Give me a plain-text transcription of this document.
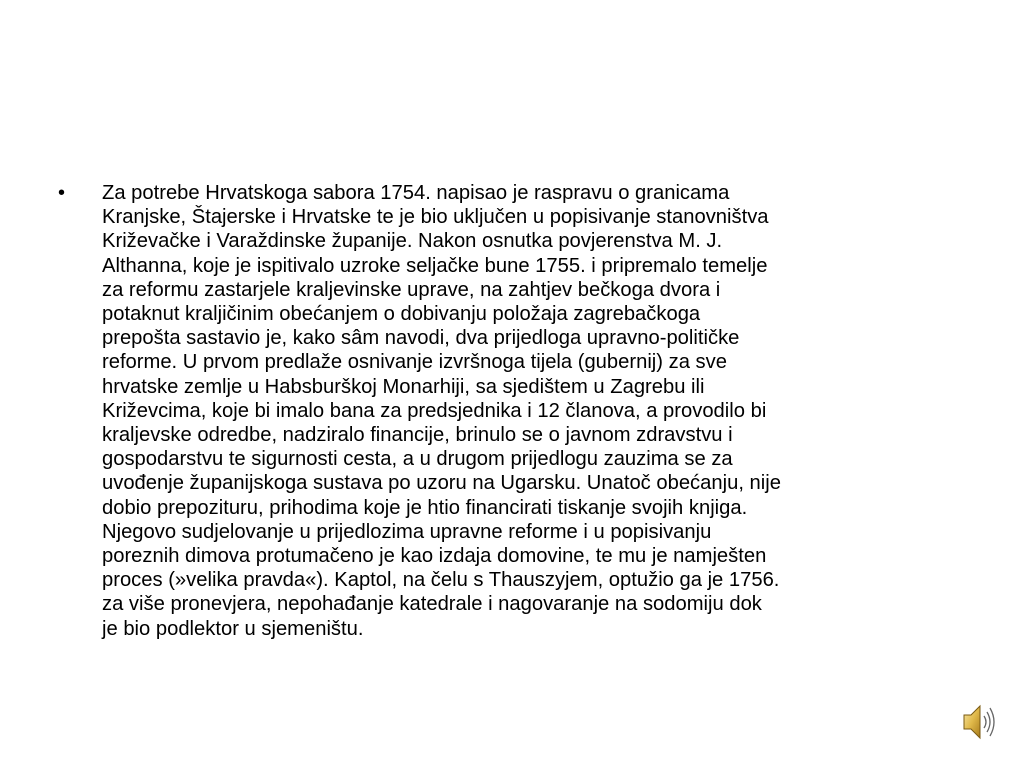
•	Za potrebe Hrvatskoga sabora 1754. napisao je raspravu o granicama
Kranjske, Štajerske i Hrvatske te je bio uključen u popisivanje stanovništva
Križevačke i Varaždinske županije. Nakon osnutka povjerenstva M. J.
Althanna, koje je ispitivalo uzroke seljačke bune 1755. i pripremalo temelje
za reformu zastarjele kraljevinske uprave, na zahtjev bečkoga dvora i
potaknut kraljičinim obećanjem o dobivanju položaja zagrebačkoga
prepošta sastavio je, kako sâm navodi, dva prijedloga upravno-političke
reforme. U prvom predlaže osnivanje izvršnoga tijela (gubernij) za sve
hrvatske zemlje u Habsburškoj Monarhiji, sa sjedištem u Zagrebu ili
Križevcima, koje bi imalo bana za predsjednika i 12 članova, a provodilo bi
kraljevske odredbe, nadziralo financije, brinulo se o javnom zdravstvu i
gospodarstvu te sigurnosti cesta, a u drugom prijedlogu zauzima se za
uvođenje županijskoga sustava po uzoru na Ugarsku. Unatoč obećanju, nije
dobio prepozituru, prihodima koje je htio financirati tiskanje svojih knjiga.
Njegovo sudjelovanje u prijedlozima upravne reforme i u popisivanju
poreznih dimova protumačeno je kao izdaja domovine, te mu je namješten
proces (»velika pravda«). Kaptol, na čelu s Thauszyjem, optužio ga je 1756.
za više pronevjera, nepohađanje katedrale i nagovaranje na sodomiju dok
je bio podlektor u sjemeništu.
